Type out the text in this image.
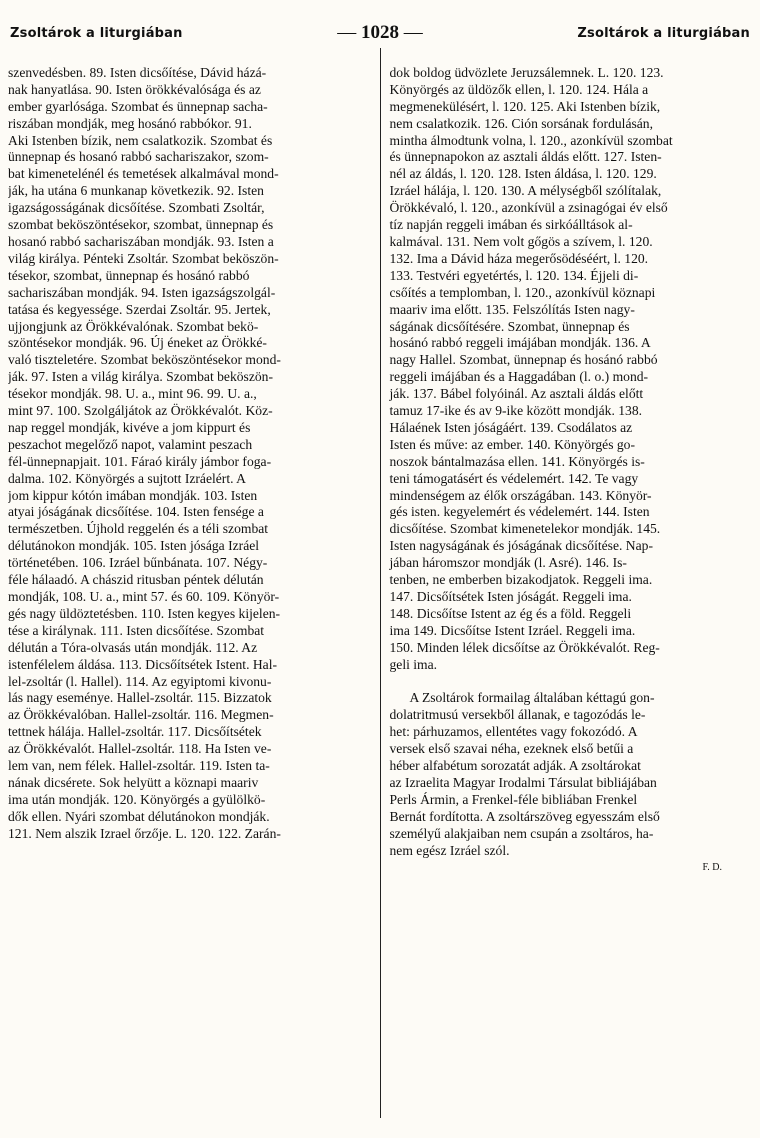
Zsoltárok a liturgiában
—	1028 —	Zsoltárok a liturgiában

szenvedésben. 89. Isten dicsőítése, Dávid házá-
nak hanyatlása. 90. Isten örökkévalósága és az
ember gyarlósága. Szombat és ünnepnap sacha-
riszában mondják, meg hosánó rabbókor. 91.
Aki Istenben bízik, nem csalatkozik. Szombat és
ünnepnap és hosanó rabbó sachariszakor, szom-
bat kimenetelénél és temetések alkalmával mond-
ják, ha utána 6 munkanap következik. 92. Isten
igazságosságának dicsőítése. Szombati Zsoltár,
szombat beköszöntésekor, szombat, ünnepnap és
hosanó rabbó sachariszában mondják. 93. Isten a
világ királya. Pénteki Zsoltár. Szombat beköszön-
tésekor, szombat, ünnepnap és hosánó rabbó
sachariszában mondják. 94. Isten igazságszolgál-
tatása és kegyessége. Szerdai Zsoltár. 95. Jertek,
ujjongjunk az Örökkévalónak. Szombat bekö-
szöntésekor mondják. 96. Új éneket az Örökké-
való tiszteletére. Szombat beköszöntésekor mond-
ják. 97. Isten a világ királya. Szombat beköszön-
tésekor mondják. 98. U. a., mint 96. 99. U. a.,
mint 97. 100. Szolgáljátok az Örökkévalót. Köz-
nap reggel mondják, kivéve a jom kippurt és
peszachot megelőző napot, valamint peszach
fél-ünnepnapjait. 101. Fáraó király jámbor foga-
dalma. 102. Könyörgés a sujtott Izráelért. A
jom kippur kótón imában mondják. 103. Isten
atyai jóságának dicsőítése. 104. Isten fensége a
természetben. Újhold reggelén és a téli szombat
délutánokon mondják. 105. Isten jósága Izráel
történetében. 106. Izráel bűnbánata. 107. Négy-
féle hálaadó. A chászid ritusban péntek délután
mondják, 108. U. a., mint 57. és 60. 109. Könyör-
gés nagy üldöztetésben. 110. Isten kegyes kijelen-
tése a királynak. 111. Isten dicsőítése. Szombat
délután a Tóra-olvasás után mondják. 112. Az
istenfélelem áldása. 113. Dicsőítsétek Istent. Hal-
lel-zsoltár (l. Hallel). 114. Az egyiptomi kivonu-
lás nagy eseménye. Hallel-zsoltár. 115. Bizzatok
az Örökkévalóban. Hallel-zsoltár. 116. Megmen-
tettnek hálája. Hallel-zsoltár. 117. Dicsőítsétek
az Örökkévalót. Hallel-zsoltár. 118. Ha Isten ve-
lem van, nem félek. Hallel-zsoltár. 119. Isten ta-
nának dicsérete. Sok helyütt a köznapi maariv
ima után mondják. 120. Könyörgés a gyülölkö-
dők ellen. Nyári szombat délutánokon mondják.
121. Nem alszik Izrael őrzője. L. 120. 122. Zarán-

dok boldog üdvözlete Jeruzsálemnek. L. 120. 123.
Könyörgés az üldözők ellen, l. 120. 124. Hála a
megmenekülésért, l. 120. 125. Aki Istenben bízik,
nem csalatkozik. 126. Ción sorsának fordulásán,
mintha álmodtunk volna, l. 120., azonkívül szombat
és ünnepnapokon az asztali áldás előtt. 127. Isten-
nél az áldás, l. 120. 128. Isten áldása, l. 120. 129.
Izráel hálája, l. 120. 130. A mélységből szólítalak,
Örökkévaló, l. 120., azonkívül a zsinagógai év első
tíz napján reggeli imában és sirkóálltások al-
kalmával. 131. Nem volt gőgös a szívem, l. 120.
132. Ima a Dávid háza megerősödéséért, l. 120.
133. Testvéri egyetértés, l. 120. 134. Éjjeli di-
csőítés a templomban, l. 120., azonkívül köznapi
maariv ima előtt. 135. Felszólítás Isten nagy-
ságának dicsőítésére. Szombat, ünnepnap és
hosánó rabbó reggeli imájában mondják. 136. A
nagy Hallel. Szombat, ünnepnap és hosánó rabbó
reggeli imájában és a Haggadában (l. o.) mond-
ják. 137. Bábel folyóinál. Az asztali áldás előtt
tamuz 17-ike és av 9-ike között mondják. 138.
Hálaének Isten jóságáért. 139. Csodálatos az
Isten és műve: az ember. 140. Könyörgés go-
noszok bántalmazása ellen. 141. Könyörgés is-
teni támogatásért és védelemért. 142. Te vagy
mindenségem az élők országában. 143. Könyör-
gés isten. kegyelemért és védelemért. 144. Isten
dicsőítése. Szombat kimenetelekor mondják. 145.
Isten nagyságának és jóságának dicsőítése. Nap-
jában háromszor mondják (l. Asré). 146. Is-
tenben, ne emberben bizakodjatok. Reggeli ima.
147. Dicsőítsétek Isten jóságát. Reggeli ima.
148. Dicsőítse Istent az ég és a föld. Reggeli
ima 149. Dicsőítse Istent Izráel. Reggeli ima.
150. Minden lélek dicsőítse az Örökkévalót. Reg-
geli ima.

A Zsoltárok formailag általában kéttagú gon-
dolatritmusú versekből állanak, e tagozódás le-
het: párhuzamos, ellentétes vagy fokozódó. A
versek első szavai néha, ezeknek első betűi a
héber alfabétum sorozatát adják. A zsoltárokat
az Izraelita Magyar Irodalmi Társulat bibliájában
Perls Ármin, a Frenkel-féle bibliában Frenkel
Bernát fordította. A zsoltárszöveg egyesszám első
személyű alakjaiban nem csupán a zsoltáros, ha-
nem egész Izráel szól.

F. D.
